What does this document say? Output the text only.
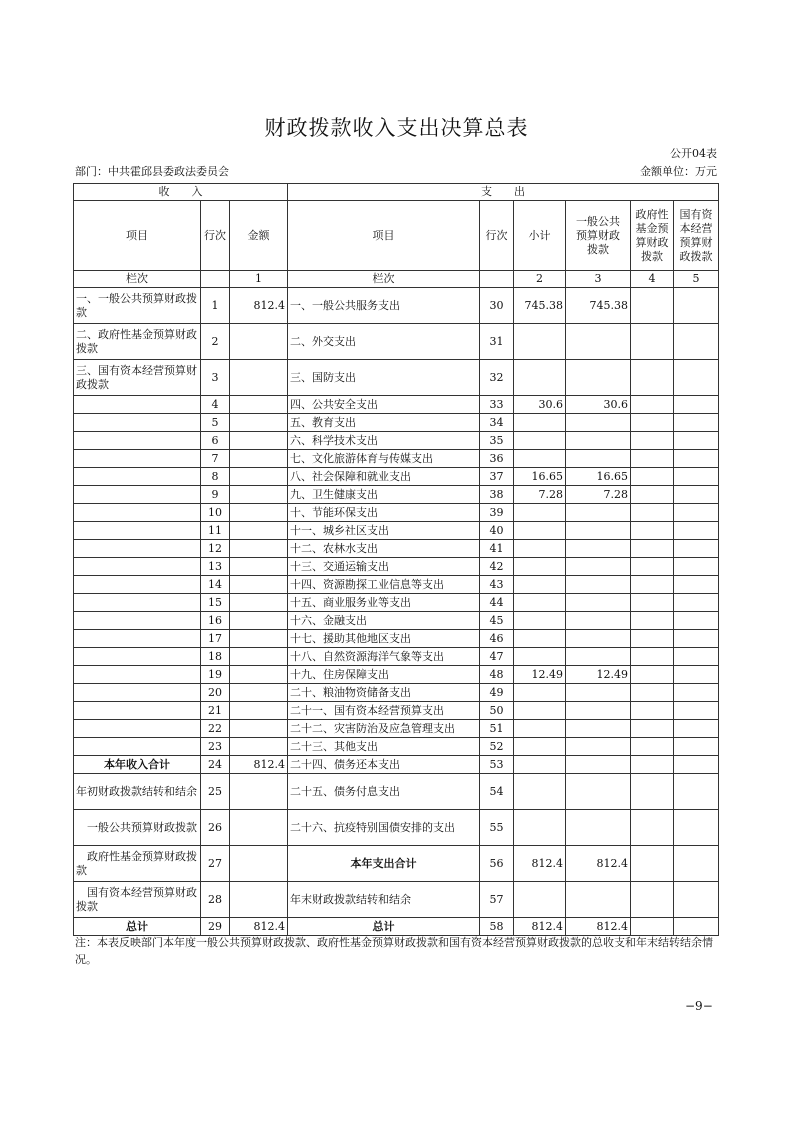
财政拨款收入支出决算总表
公开04表
部门：中共霍邱县委政法委员会	金额单位：万元
收　　入			支　　出					
项目	行次	金额	项目	行次	小计	一般公共预算财政拨款	政府性基金预算财政拨款	国有资本经营预算财政拨款
栏次		1	栏次		2	3	4	5
一、一般公共预算财政拨款	1	812.4	一、一般公共服务支出	30	745.38	745.38		
二、政府性基金预算财政拨款	2		二、外交支出	31				
三、国有资本经营预算财政拨款	3		三、国防支出	32				
	4		四、公共安全支出	33	30.6	30.6		
	5		五、教育支出	34				
	6		六、科学技术支出	35				
	7		七、文化旅游体育与传媒支出	36				
	8		八、社会保障和就业支出	37	16.65	16.65		
	9		九、卫生健康支出	38	7.28	7.28		
	10		十、节能环保支出	39				
	11		十一、城乡社区支出	40				
	12		十二、农林水支出	41				
	13		十三、交通运输支出	42				
	14		十四、资源勘探工业信息等支出	43				
	15		十五、商业服务业等支出	44				
	16		十六、金融支出	45				
	17		十七、援助其他地区支出	46				
	18		十八、自然资源海洋气象等支出	47				
	19		十九、住房保障支出	48	12.49	12.49		
	20		二十、粮油物资储备支出	49				
	21		二十一、国有资本经营预算支出	50				
	22		二十二、灾害防治及应急管理支出	51				
	23		二十三、其他支出	52				
本年收入合计	24	812.4	二十四、债务还本支出	53				
年初财政拨款结转和结余	25		二十五、债务付息支出	54				
　一般公共预算财政拨款	26		二十六、抗疫特别国债安排的支出	55				
　政府性基金预算财政拨款	27		本年支出合计	56	812.4	812.4		
　国有资本经营预算财政拨款	28		年末财政拨款结转和结余	57				
总计	29	812.4	总计	58	812.4	812.4		
注：本表反映部门本年度一般公共预算财政拨款、政府性基金预算财政拨款和国有资本经营预算财政拨款的总收支和年末结转结余情况。
−9−
